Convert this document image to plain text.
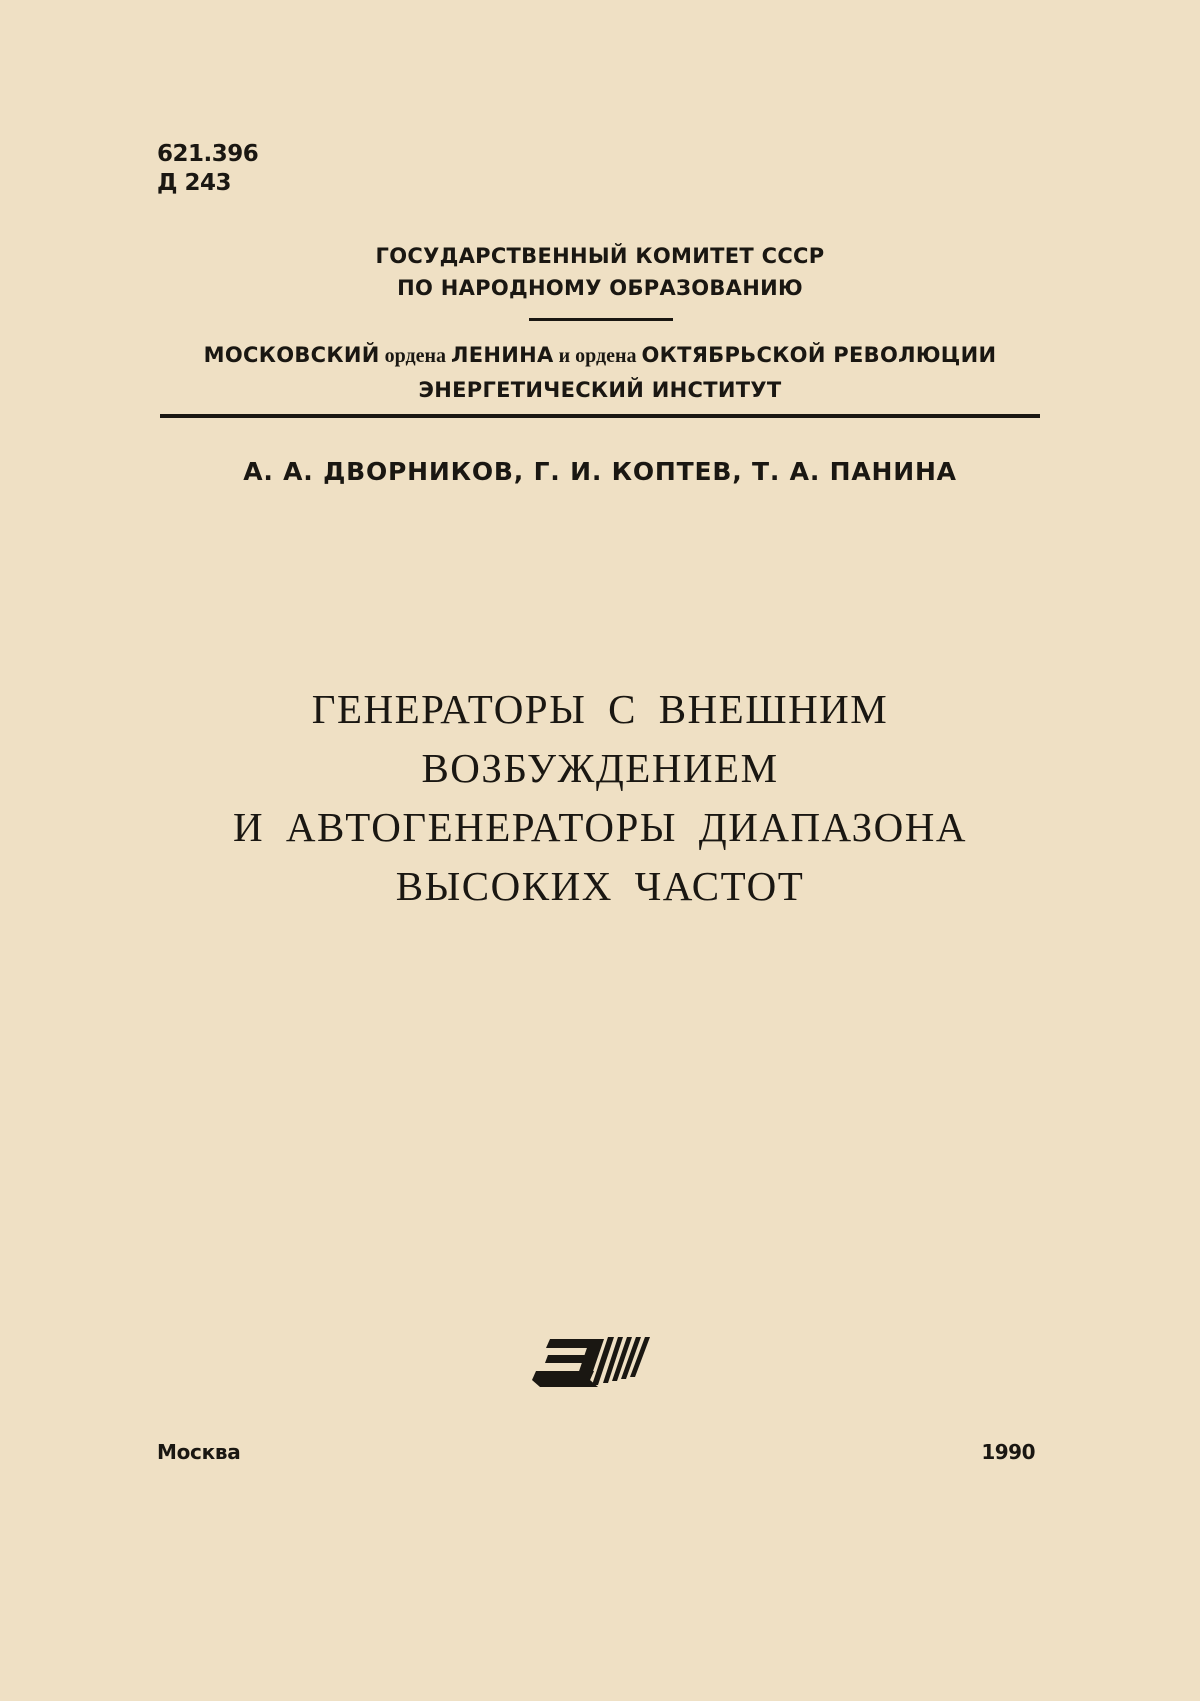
621.396
Д 243
ГОСУДАРСТВЕННЫЙ КОМИТЕТ СССР
ПО НАРОДНОМУ ОБРАЗОВАНИЮ
МОСКОВСКИЙ ордена ЛЕНИНА и ордена ОКТЯБРЬСКОЙ РЕВОЛЮЦИИ
ЭНЕРГЕТИЧЕСКИЙ ИНСТИТУТ
А. А. ДВОРНИКОВ, Г. И. КОПТЕВ, Т. А. ПАНИНА
ГЕНЕРАТОРЫ С ВНЕШНИМ
ВОЗБУЖДЕНИЕМ
И АВТОГЕНЕРАТОРЫ ДИАПАЗОНА
ВЫСОКИХ ЧАСТОТ
Москва	1990
